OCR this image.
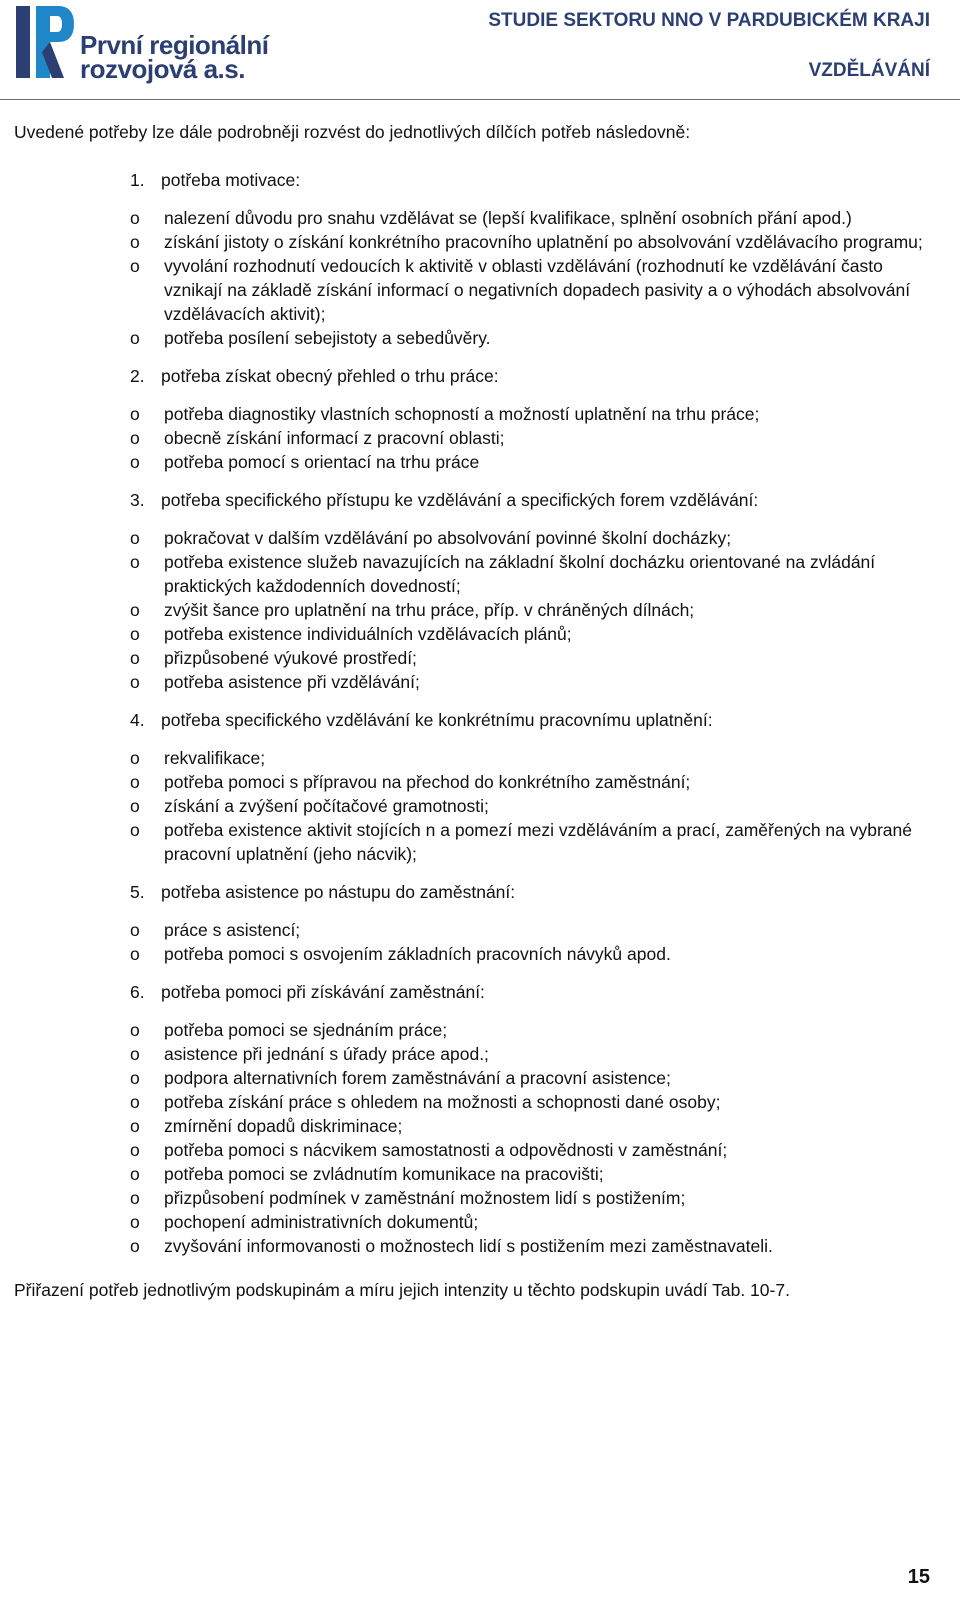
První regionální
rozvojová a.s.
STUDIE SEKTORU NNO V PARDUBICKÉM KRAJI
VZDĚLÁVÁNÍ

Uvedené potřeby lze dále podrobněji rozvést do jednotlivých dílčích potřeb následovně:

1. potřeba motivace:
o nalezení důvodu pro snahu vzdělávat se (lepší kvalifikace, splnění osobních přání apod.)
o získání jistoty o získání konkrétního pracovního uplatnění po absolvování vzdělávacího programu;
o vyvolání rozhodnutí vedoucích k aktivitě v oblasti vzdělávání (rozhodnutí ke vzdělávání často vznikají na základě získání informací o negativních dopadech pasivity a o výhodách absolvování vzdělávacích aktivit);
o potřeba posílení sebejistoty a sebedůvěry.
2. potřeba získat obecný přehled o trhu práce:
o potřeba diagnostiky vlastních schopností a možností uplatnění na trhu práce;
o obecně získání informací z pracovní oblasti;
o potřeba pomocí s orientací na trhu práce
3. potřeba specifického přístupu ke vzdělávání a specifických forem vzdělávání:
o pokračovat v dalším vzdělávání po absolvování povinné školní docházky;
o potřeba existence služeb navazujících na základní školní docházku orientované na zvládání praktických každodenních dovedností;
o zvýšit šance pro uplatnění na trhu práce, příp. v chráněných dílnách;
o potřeba existence individuálních vzdělávacích plánů;
o přizpůsobené výukové prostředí;
o potřeba asistence při vzdělávání;
4. potřeba specifického vzdělávání ke konkrétnímu pracovnímu uplatnění:
o rekvalifikace;
o potřeba pomoci s přípravou na přechod do konkrétního zaměstnání;
o získání a zvýšení počítačové gramotnosti;
o potřeba existence aktivit stojících n a pomezí mezi vzděláváním a prací, zaměřených na vybrané pracovní uplatnění (jeho nácvik);
5. potřeba asistence po nástupu do zaměstnání:
o práce s asistencí;
o potřeba pomoci s osvojením základních pracovních návyků apod.
6. potřeba pomoci při získávání zaměstnání:
o potřeba pomoci se sjednáním práce;
o asistence při jednání s úřady práce apod.;
o podpora alternativních forem zaměstnávání a pracovní asistence;
o potřeba získání práce s ohledem na možnosti a schopnosti dané osoby;
o zmírnění dopadů diskriminace;
o potřeba pomoci s nácvikem samostatnosti a odpovědnosti v zaměstnání;
o potřeba pomoci se zvládnutím komunikace na pracovišti;
o přizpůsobení podmínek v zaměstnání možnostem lidí s postižením;
o pochopení administrativních dokumentů;
o zvyšování informovanosti o možnostech lidí s postižením mezi zaměstnavateli.

Přiřazení potřeb jednotlivým podskupinám a míru jejich intenzity u těchto podskupin uvádí Tab. 10-7.

15
